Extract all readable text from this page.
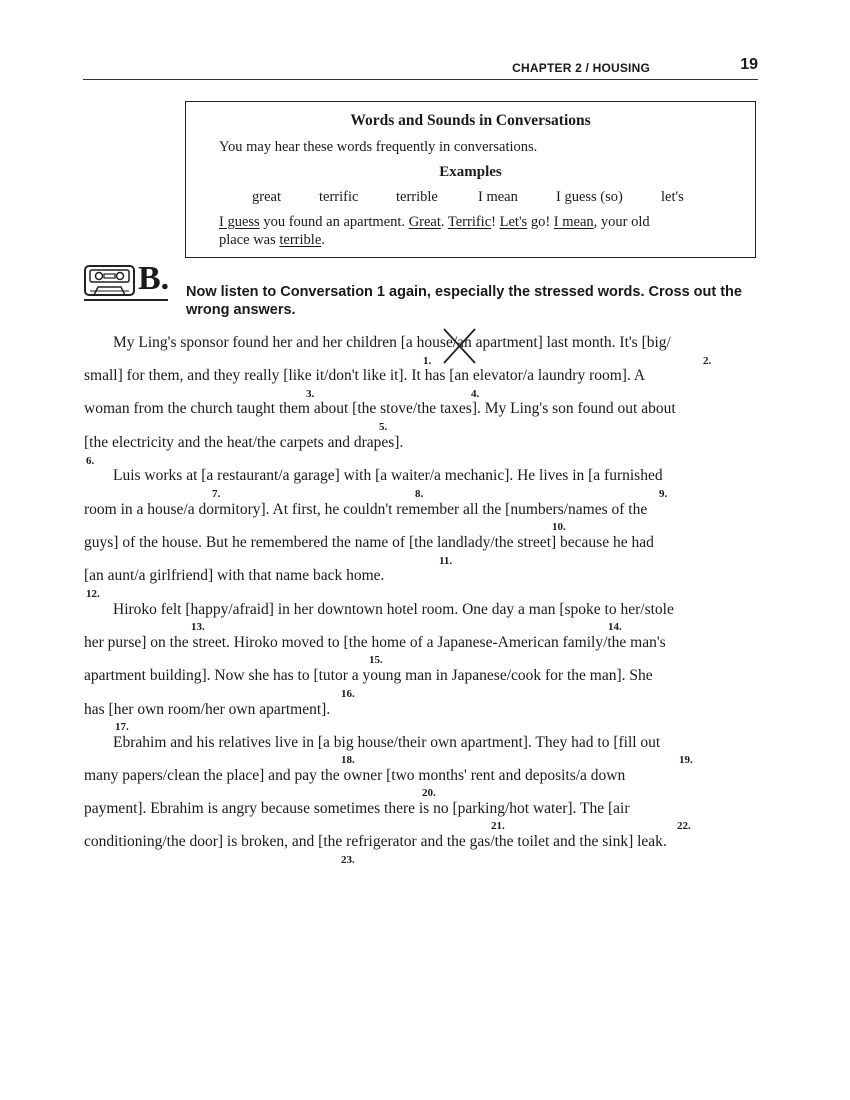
CHAPTER 2 / HOUSING	19
Words and Sounds in Conversations
You may hear these words frequently in conversations.
Examples
great	terrific	terrible	I mean	I guess (so)	let's
I guess you found an apartment. Great. Terrific! Let's go! I mean, your old
place was terrible.
B. Now listen to Conversation 1 again, especially the stressed words. Cross out the wrong answers.
My Ling's sponsor found her and her children [a house/an apartment] last month. It's [big/
small] for them, and they really [like it/don't like it]. It has [an elevator/a laundry room]. A
woman from the church taught them about [the stove/the taxes]. My Ling's son found out about
[the electricity and the heat/the carpets and drapes].
Luis works at [a restaurant/a garage] with [a waiter/a mechanic]. He lives in [a furnished
room in a house/a dormitory]. At first, he couldn't remember all the [numbers/names of the
guys] of the house. But he remembered the name of [the landlady/the street] because he had
[an aunt/a girlfriend] with that name back home.
Hiroko felt [happy/afraid] in her downtown hotel room. One day a man [spoke to her/stole
her purse] on the street. Hiroko moved to [the home of a Japanese-American family/the man's
apartment building]. Now she has to [tutor a young man in Japanese/cook for the man]. She
has [her own room/her own apartment].
Ebrahim and his relatives live in [a big house/their own apartment]. They had to [fill out
many papers/clean the place] and pay the owner [two months' rent and deposits/a down
payment]. Ebrahim is angry because sometimes there is no [parking/hot water]. The [air
conditioning/the door] is broken, and [the refrigerator and the gas/the toilet and the sink] leak.
1.	2.
3.	4.
5.
6.
7.	8.	9.
10.
11.
12.
13.	14.
15.
16.
17.
18.	19.
20.
21.	22.
23.
